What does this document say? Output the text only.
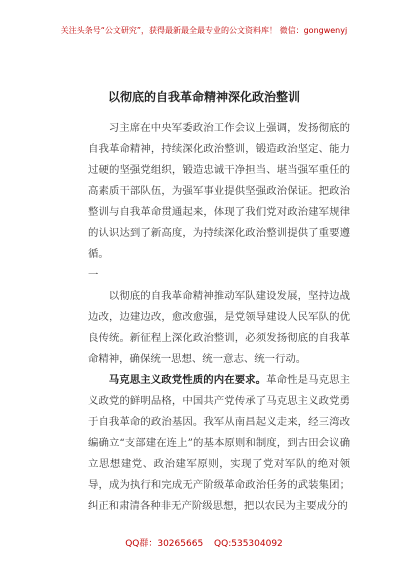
关注头条号“公文研究”，获得最新最全最专业的公文资料库！ 微信：gongwenyj
以彻底的自我革命精神深化政治整训

习主席在中央军委政治工作会议上强调，发扬彻底的自我革命精神，持续深化政治整训，锻造政治坚定、能力过硬的坚强党组织，锻造忠诚干净担当、堪当强军重任的高素质干部队伍，为强军事业提供坚强政治保证。把政治整训与自我革命贯通起来，体现了我们党对政治建军规律的认识达到了新高度，为持续深化政治整训提供了重要遵循。

一

以彻底的自我革命精神推动军队建设发展，坚持边战边改，边建边改，愈改愈强，是党领导建设人民军队的优良传统。新征程上深化政治整训，必须发扬彻底的自我革命精神，确保统一思想、统一意志、统一行动。

马克思主义政党性质的内在要求。革命性是马克思主义政党的鲜明品格，中国共产党传承了马克思主义政党勇于自我革命的政治基因。我军从南昌起义走来，经三湾改编确立“支部建在连上”的基本原则和制度，到古田会议确立思想建党、政治建军原则，实现了党对军队的绝对领导，成为执行和完成无产阶级革命政治任务的武装集团；纠正和肃清各种非无产阶级思想，把以农民为主要成分的

QQ群：30265665 QQ:535304092
